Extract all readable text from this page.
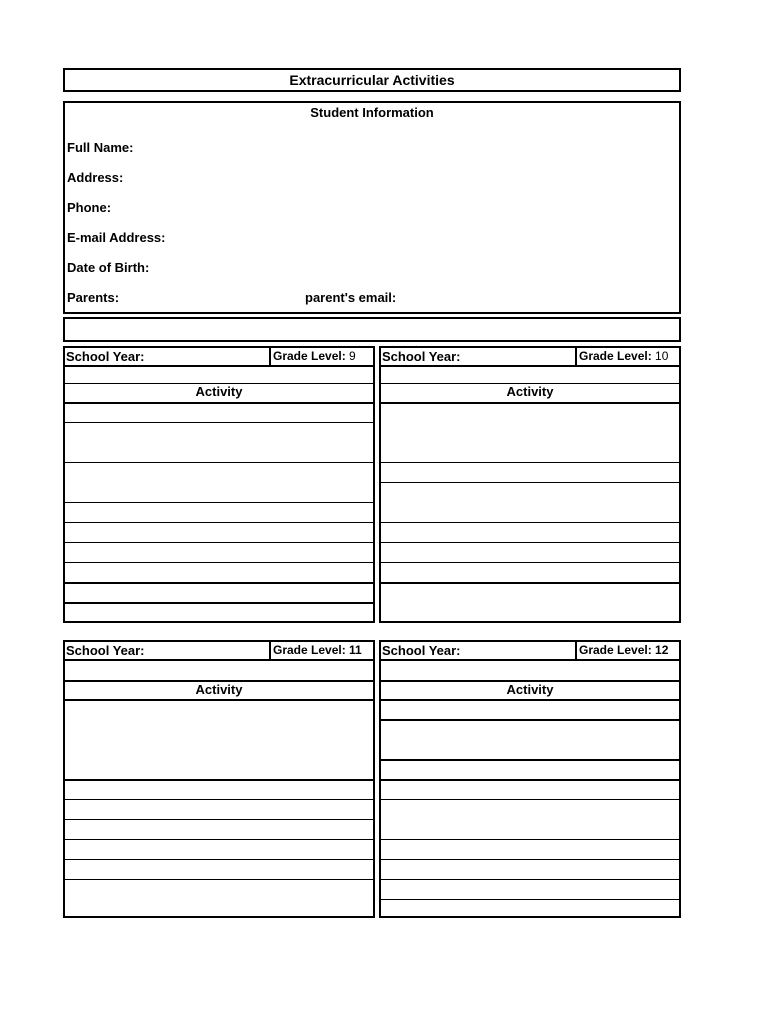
Extracurricular Activities
Student Information
Full Name:
Address:
Phone:
E-mail Address:
Date of Birth:
Parents:	parent's email:
School Year:	Grade Level: 9
Activity
School Year:	Grade Level: 10
Activity
School Year:	Grade Level: 11
Activity
School Year:	Grade Level: 12
Activity
